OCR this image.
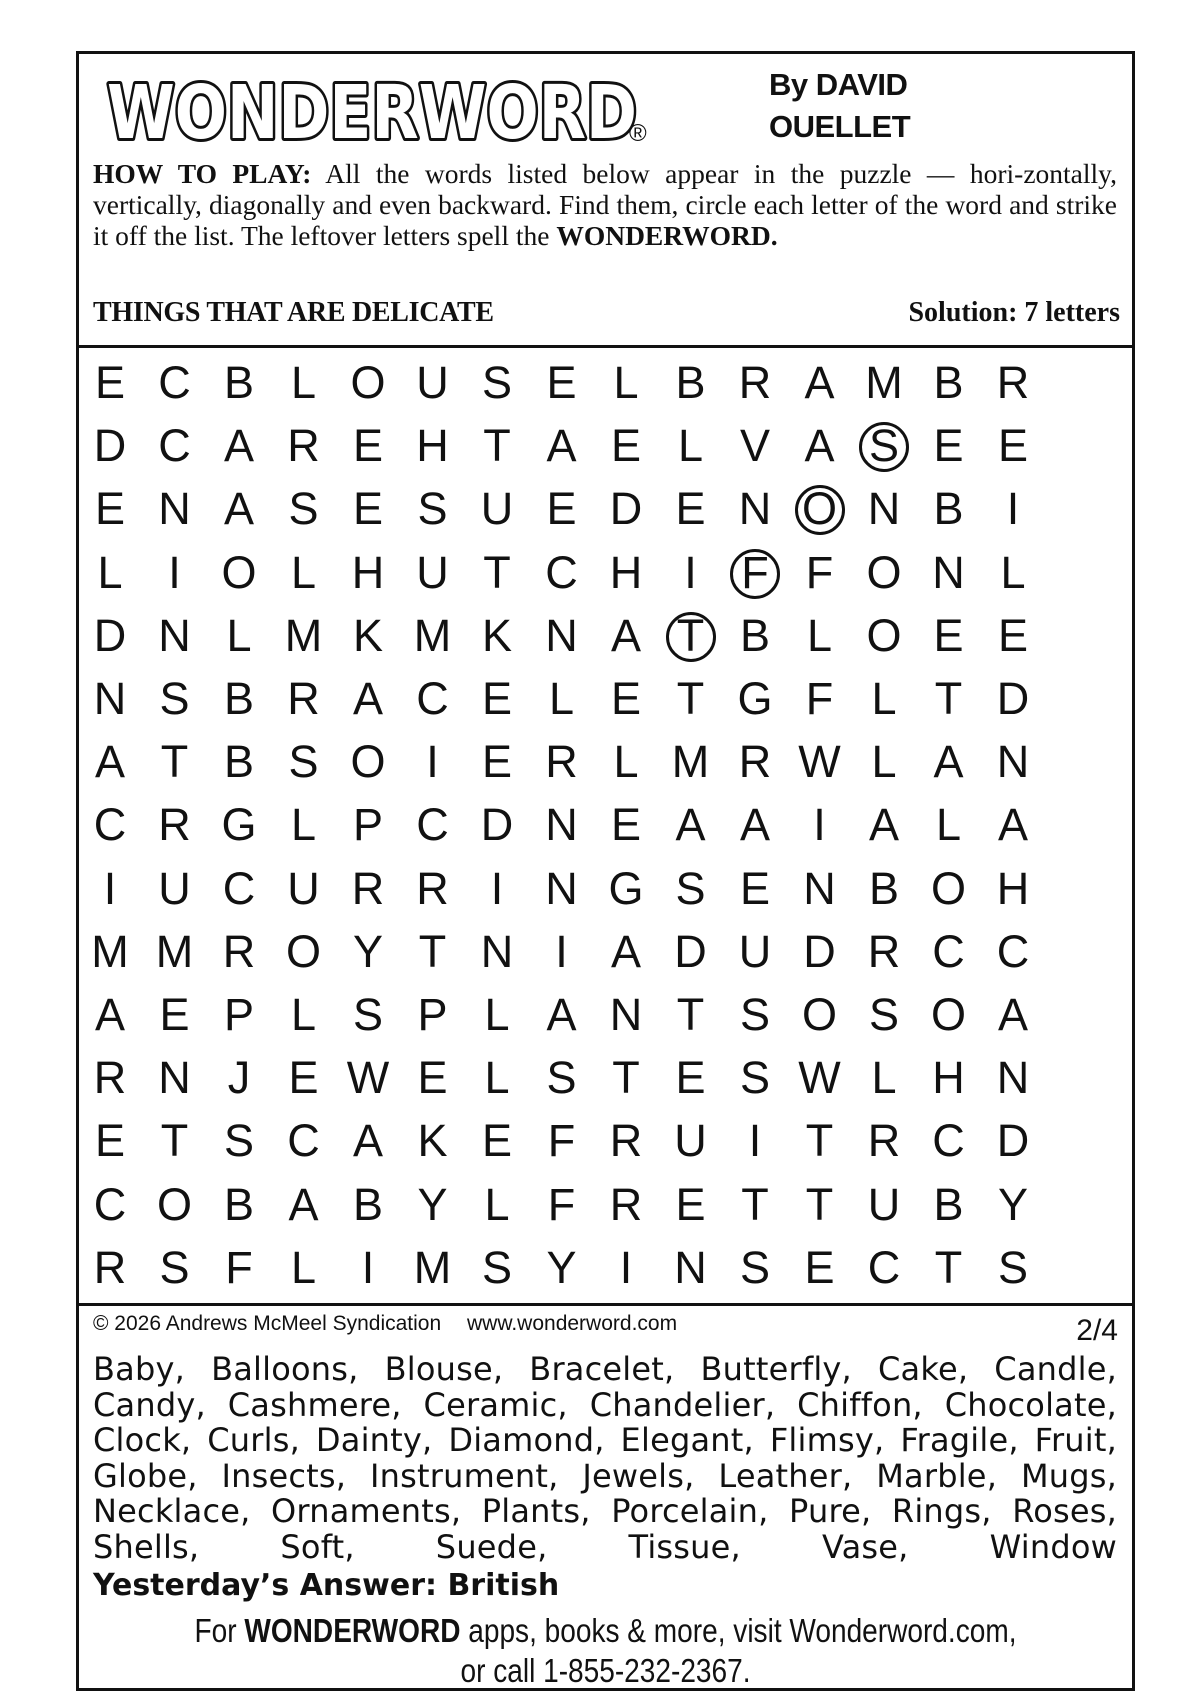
WONDERWORD
WONDERWORD
®
By DAVID
OUELLET
HOW TO PLAY: All the words listed below appear in the puzzle — hori-zontally, vertically, diagonally and even backward. Find them, circle each letter of the word and strike it off the list. The leftover letters spell the WONDERWORD.
THINGS THAT ARE DELICATE	Solution: 7 letters
E C B L O U S E L B R A M B R
D C A R E H T A E L V A S E E
E N A S E S U E D E N O N B I
L	I O L H U T C H I F F O N L
D N L M K M K N A T B L O E E
N S B R A C E L E T G F L T D
A T B S O I E R L M R W L A N
C R G L P C D N E A A I A L A
I U C U R R I N G S E N B O H
M M R O Y T N I A D U D R C C
A E P L S P L A N T S O S O A
R N J E W E L S T E S W L H N
E T S C A K E F R U I T R C D
C O B A B Y L F R E T T U B Y
R S F L	I M S Y I N S E C T S
© 2026 Andrews McMeel Syndication www.wonderword.com	2/4
Baby, Balloons, Blouse, Bracelet, Butterfly, Cake, Candle, Candy, Cashmere, Ceramic, Chandelier, Chiffon, Chocolate, Clock, Curls, Dainty, Diamond, Elegant, Flimsy, Fragile, Fruit, Globe, Insects, Instrument, Jewels, Leather, Marble, Mugs, Necklace, Ornaments, Plants, Porcelain, Pure, Rings, Roses, Shells, Soft, Suede, Tissue, Vase, Window
Yesterday’s Answer: British
For WONDERWORD apps, books & more, visit Wonderword.com,
or call 1-855-232-2367.
